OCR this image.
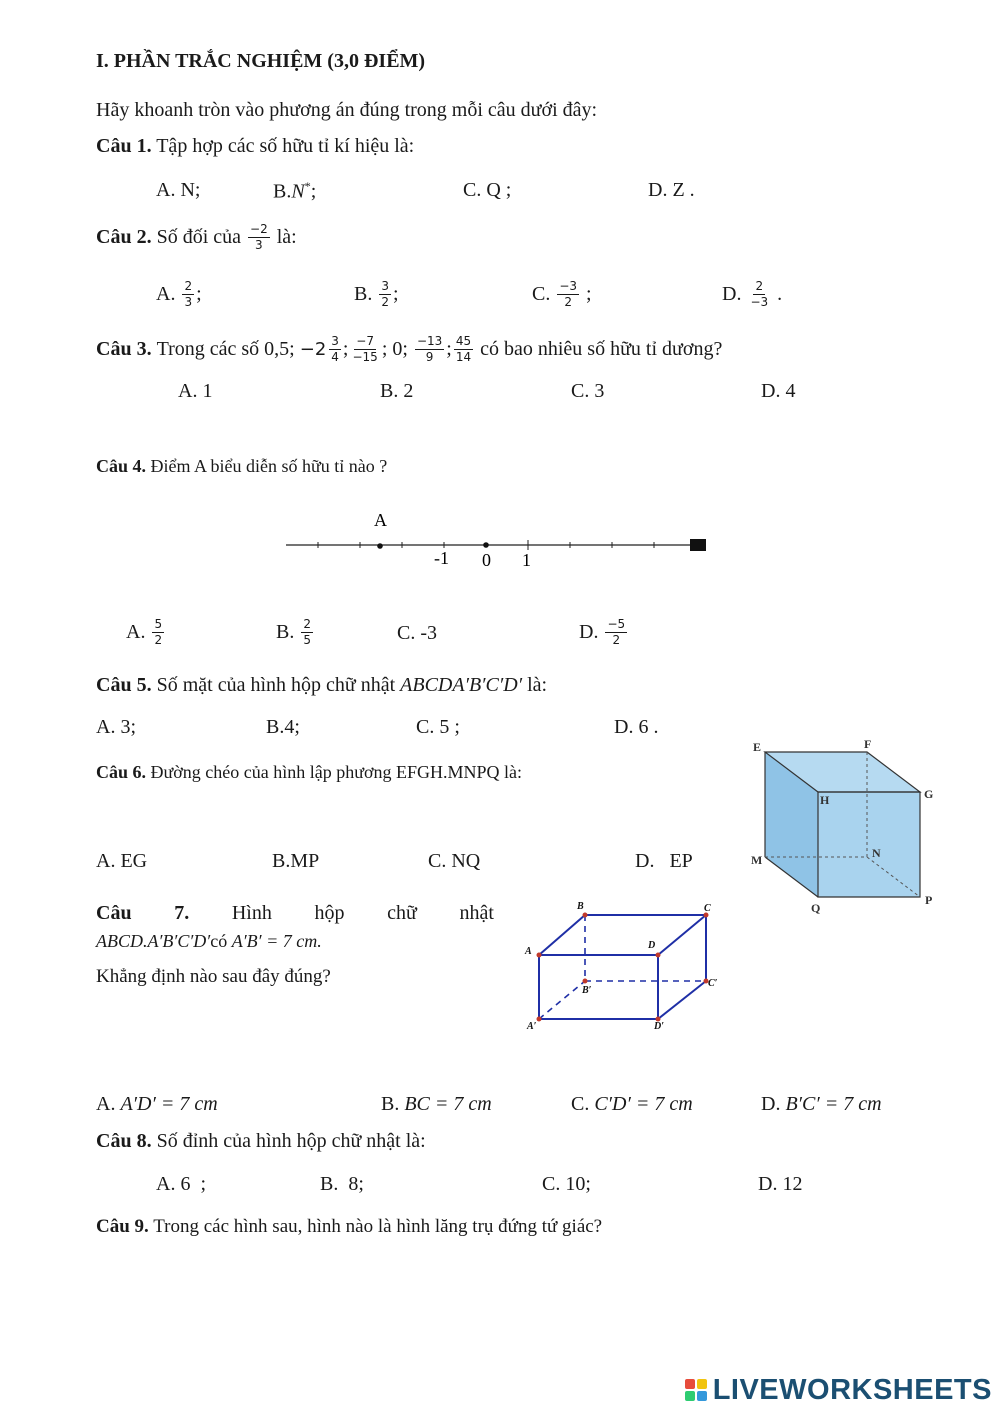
I. PHẦN TRẮC NGHIỆM (3,0 ĐIỂM)
Hãy khoanh tròn vào phương án đúng trong mỗi câu dưới đây:
Câu 1. Tập hợp các số hữu tỉ kí hiệu là:
A. N;	B.N*;	C. Q ;	D. Z .
Câu 2.
Số đối của
$\frac{-2}{3}$
là:
A.
$\frac{2}{3}$ ;	B.
$\frac{3}{2}$ ;	C.
$\frac{-3}{2}$
;	D.
$\frac{2}{-3}$
.
Câu 3.
Trong các số 0,5;
$-2 \frac{3}{4}$ ; $\frac{-7}{-15}$ ; 0;
$\frac{-13}{9}$ ; $\frac{45}{14}$
có bao nhiêu số hữu tỉ dương?
A. 1	B. 2	C. 3	D. 4
Câu 4. Điểm A biểu diễn số hữu tỉ nào ?
A
-1 0 1
A.
$\frac{5}{2}$	B.
$\frac{2}{5}$	C. -3	D.
$\frac{-5}{2}$
Câu 5. Số mặt của hình hộp chữ nhật ABCDA′B′C′D′ là:
A. 3;	B.4;	C. 5 ;	D. 6 .
Câu 6. Đường chéo của hình lập phương EFGH.MNPQ là:
A. EG	B.MP	C. NQ	D.   EP
E	F
G
H
M	N
P
Q
Câu 7. Hình hộp chữ nhật
ABCD.A′B′C′D′có A′B′ = 7 cm.
Khẳng định nào sau đây đúng?
A
B	C
D
A′
B′
C′
D′
A. A′D′ = 7 cm	B. BC = 7 cm	C. C′D′ = 7 cm	D. B′C′ = 7 cm
Câu 8. Số đỉnh của hình hộp chữ nhật là:
A. 6  ;	B.  8;	C. 10;	D. 12
Câu 9. Trong các hình sau, hình nào là hình lăng trụ đứng tứ giác?
LIVEWORKSHEETS
